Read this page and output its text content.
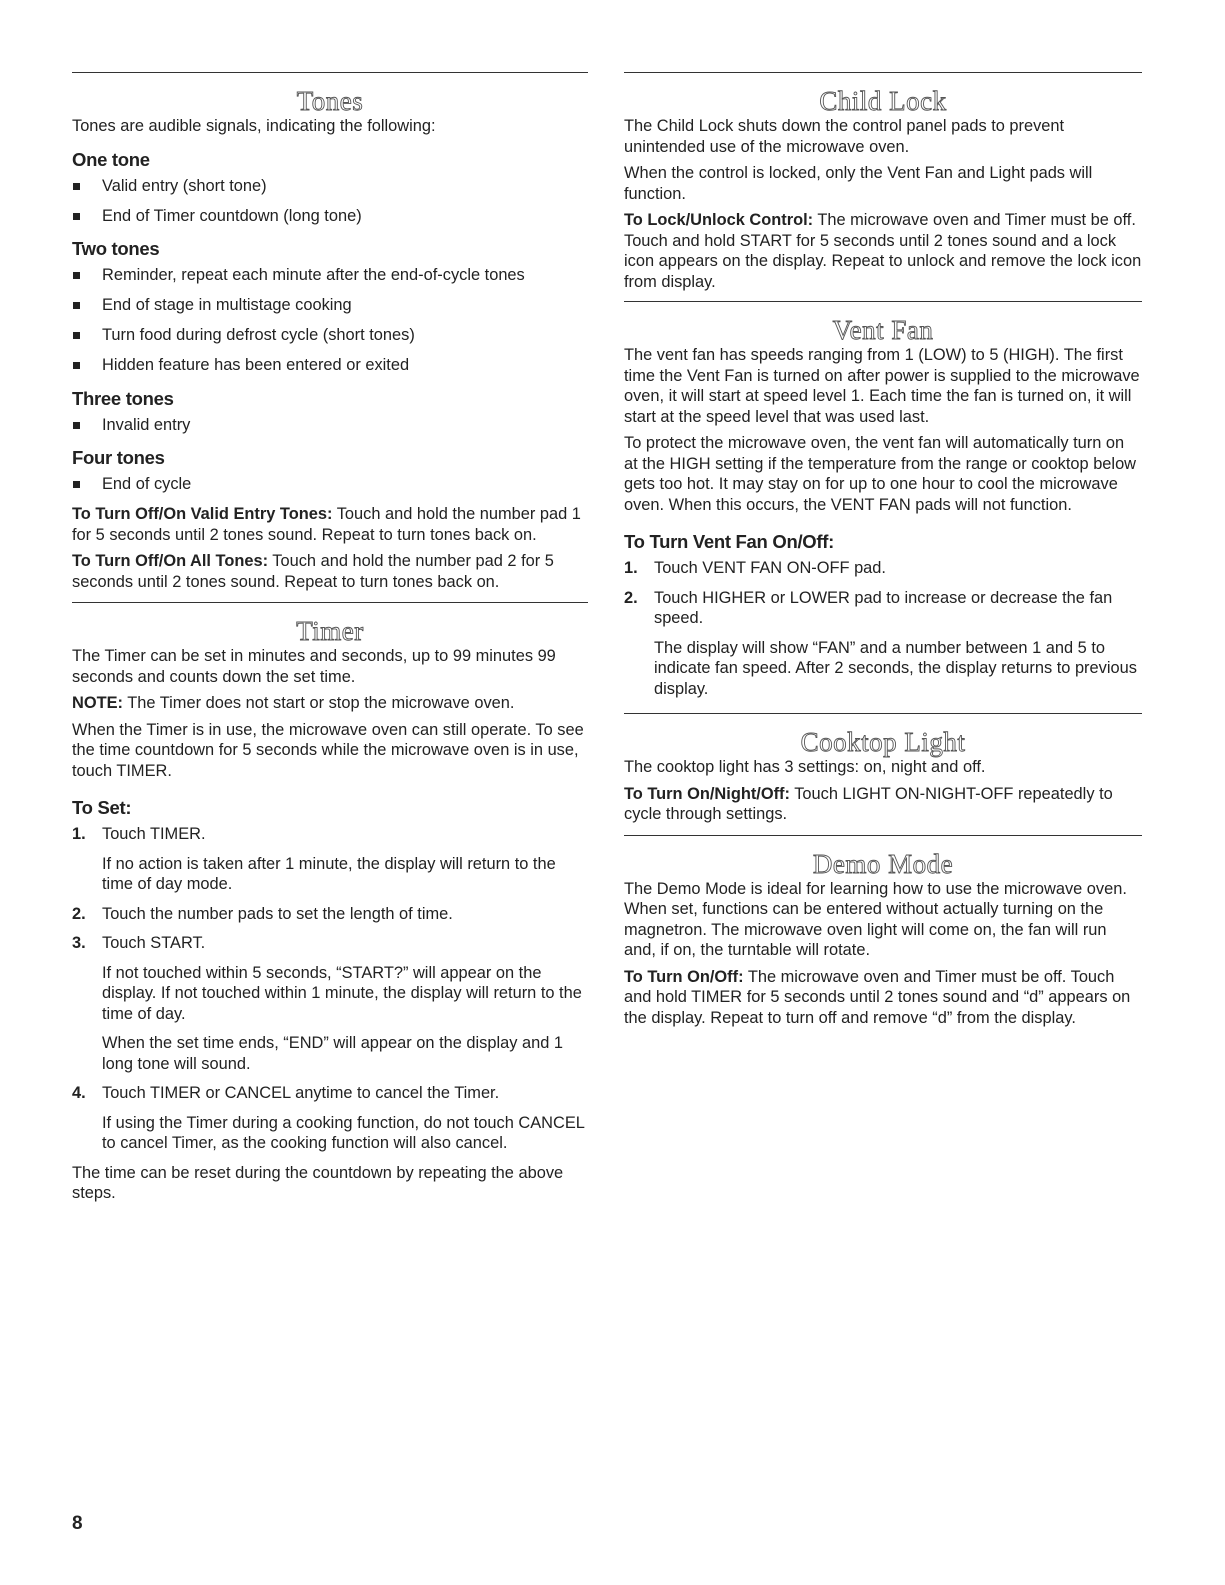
Tones

Tones are audible signals, indicating the following:

One tone
Valid entry (short tone)
End of Timer countdown (long tone)
Two tones
Reminder, repeat each minute after the end-of-cycle tones
End of stage in multistage cooking
Turn food during defrost cycle (short tones)
Hidden feature has been entered or exited
Three tones
Invalid entry
Four tones
End of cycle

To Turn Off/On Valid Entry Tones: Touch and hold the number pad 1 for 5 seconds until 2 tones sound. Repeat to turn tones back on.

To Turn Off/On All Tones: Touch and hold the number pad 2 for 5 seconds until 2 tones sound. Repeat to turn tones back on.

Timer

The Timer can be set in minutes and seconds, up to 99 minutes 99 seconds and counts down the set time.

NOTE: The Timer does not start or stop the microwave oven.

When the Timer is in use, the microwave oven can still operate. To see the time countdown for 5 seconds while the microwave oven is in use, touch TIMER.

To Set:
1. Touch TIMER.
If no action is taken after 1 minute, the display will return to the time of day mode.
2. Touch the number pads to set the length of time.
3. Touch START.
If not touched within 5 seconds, “START?” will appear on the display. If not touched within 1 minute, the display will return to the time of day.
When the set time ends, “END” will appear on the display and 1 long tone will sound.
4. Touch TIMER or CANCEL anytime to cancel the Timer.
If using the Timer during a cooking function, do not touch CANCEL to cancel Timer, as the cooking function will also cancel.

The time can be reset during the countdown by repeating the above steps.

Child Lock

The Child Lock shuts down the control panel pads to prevent unintended use of the microwave oven.

When the control is locked, only the Vent Fan and Light pads will function.

To Lock/Unlock Control: The microwave oven and Timer must be off. Touch and hold START for 5 seconds until 2 tones sound and a lock icon appears on the display. Repeat to unlock and remove the lock icon from display.

Vent Fan

The vent fan has speeds ranging from 1 (LOW) to 5 (HIGH). The first time the Vent Fan is turned on after power is supplied to the microwave oven, it will start at speed level 1. Each time the fan is turned on, it will start at the speed level that was used last.

To protect the microwave oven, the vent fan will automatically turn on at the HIGH setting if the temperature from the range or cooktop below gets too hot. It may stay on for up to one hour to cool the microwave oven. When this occurs, the VENT FAN pads will not function.

To Turn Vent Fan On/Off:
1. Touch VENT FAN ON-OFF pad.
2. Touch HIGHER or LOWER pad to increase or decrease the fan speed.
The display will show “FAN” and a number between 1 and 5 to indicate fan speed. After 2 seconds, the display returns to previous display.
Cooktop Light

The cooktop light has 3 settings: on, night and off.

To Turn On/Night/Off: Touch LIGHT ON-NIGHT-OFF repeatedly to cycle through settings.

Demo Mode

The Demo Mode is ideal for learning how to use the microwave oven. When set, functions can be entered without actually turning on the magnetron. The microwave oven light will come on, the fan will run and, if on, the turntable will rotate.

To Turn On/Off: The microwave oven and Timer must be off. Touch and hold TIMER for 5 seconds until 2 tones sound and “d” appears on the display. Repeat to turn off and remove “d” from the display.

8
